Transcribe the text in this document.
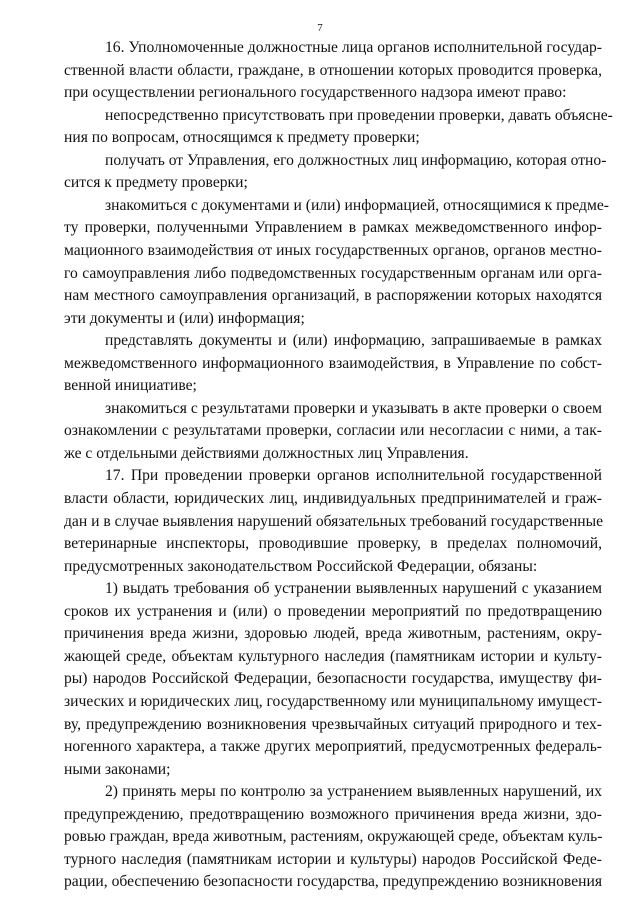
7
16. Уполномоченные должностные лица органов исполнительной государ-
ственной власти области, граждане, в отношении которых проводится проверка,
при осуществлении регионального государственного надзора имеют право:
непосредственно присутствовать при проведении проверки, давать объясне-
ния по вопросам, относящимся к предмету проверки;
получать от Управления, его должностных лиц информацию, которая отно-
сится к предмету проверки;
знакомиться с документами и (или) информацией, относящимися к предме-
ту проверки, полученными Управлением в рамках межведомственного инфор-
мационного взаимодействия от иных государственных органов, органов местно-
го самоуправления либо подведомственных государственным органам или орга-
нам местного самоуправления организаций, в распоряжении которых находятся
эти документы и (или) информация;
представлять документы и (или) информацию, запрашиваемые в рамках
межведомственного информационного взаимодействия, в Управление по собст-
венной инициативе;
знакомиться с результатами проверки и указывать в акте проверки о своем
ознакомлении с результатами проверки, согласии или несогласии с ними, а так-
же с отдельными действиями должностных лиц Управления.
17. При проведении проверки органов исполнительной государственной
власти области, юридических лиц, индивидуальных предпринимателей и граж-
дан и в случае выявления нарушений обязательных требований государственные
ветеринарные инспекторы, проводившие проверку, в пределах полномочий,
предусмотренных законодательством Российской Федерации, обязаны:
1) выдать требования об устранении выявленных нарушений с указанием
сроков их устранения и (или) о проведении мероприятий по предотвращению
причинения вреда жизни, здоровью людей, вреда животным, растениям, окру-
жающей среде, объектам культурного наследия (памятникам истории и культу-
ры) народов Российской Федерации, безопасности государства, имуществу фи-
зических и юридических лиц, государственному или муниципальному имущест-
ву, предупреждению возникновения чрезвычайных ситуаций природного и тех-
ногенного характера, а также других мероприятий, предусмотренных федераль-
ными законами;
2) принять меры по контролю за устранением выявленных нарушений, их
предупреждению, предотвращению возможного причинения вреда жизни, здо-
ровью граждан, вреда животным, растениям, окружающей среде, объектам куль-
турного наследия (памятникам истории и культуры) народов Российской Феде-
рации, обеспечению безопасности государства, предупреждению возникновения
